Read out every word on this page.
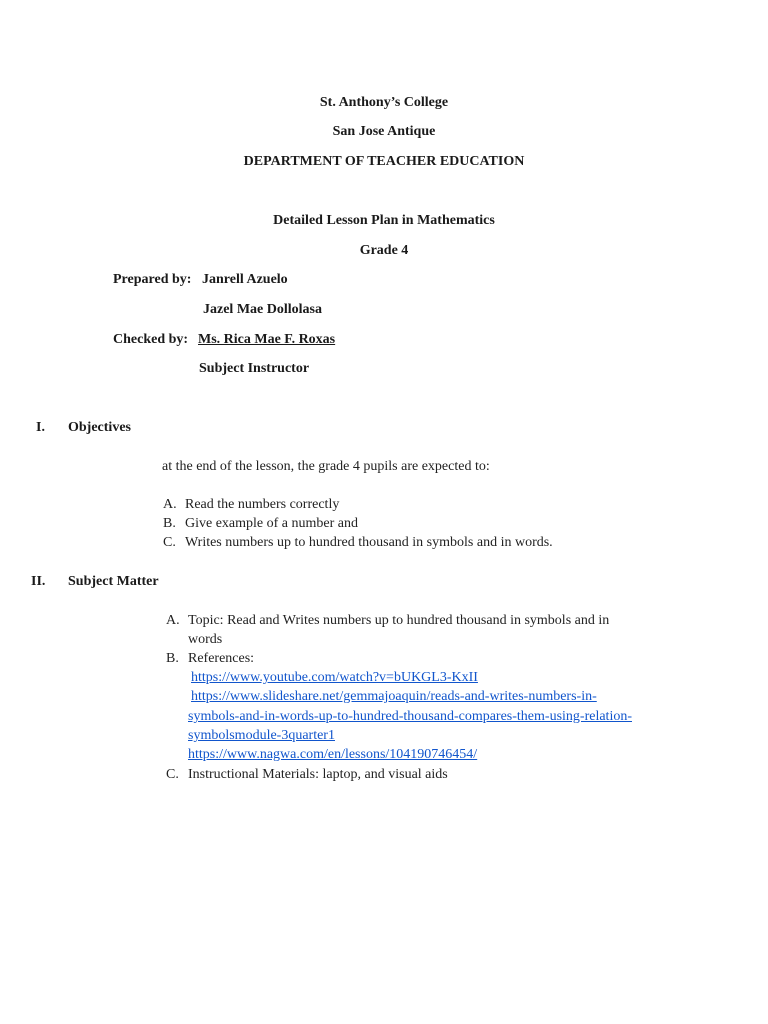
St. Anthony’s College
San Jose Antique
DEPARTMENT OF TEACHER EDUCATION
Detailed Lesson Plan in Mathematics
Grade 4
Prepared by: Janrell Azuelo
Jazel Mae Dollolasa
Checked by: Ms. Rica Mae F. Roxas
Subject Instructor
I. Objectives
at the end of the lesson, the grade 4 pupils are expected to:
A. Read the numbers correctly
B. Give example of a number and
C. Writes numbers up to hundred thousand in symbols and in words.
II. Subject Matter
A. Topic: Read and Writes numbers up to hundred thousand in symbols and in
words
B. References:
https://www.youtube.com/watch?v=bUKGL3-KxII
https://www.slideshare.net/gemmajoaquin/reads-and-writes-numbers-in-
symbols-and-in-words-up-to-hundred-thousand-compares-them-using-relation-
symbolsmodule-3quarter1
https://www.nagwa.com/en/lessons/104190746454/
C. Instructional Materials: laptop, and visual aids
